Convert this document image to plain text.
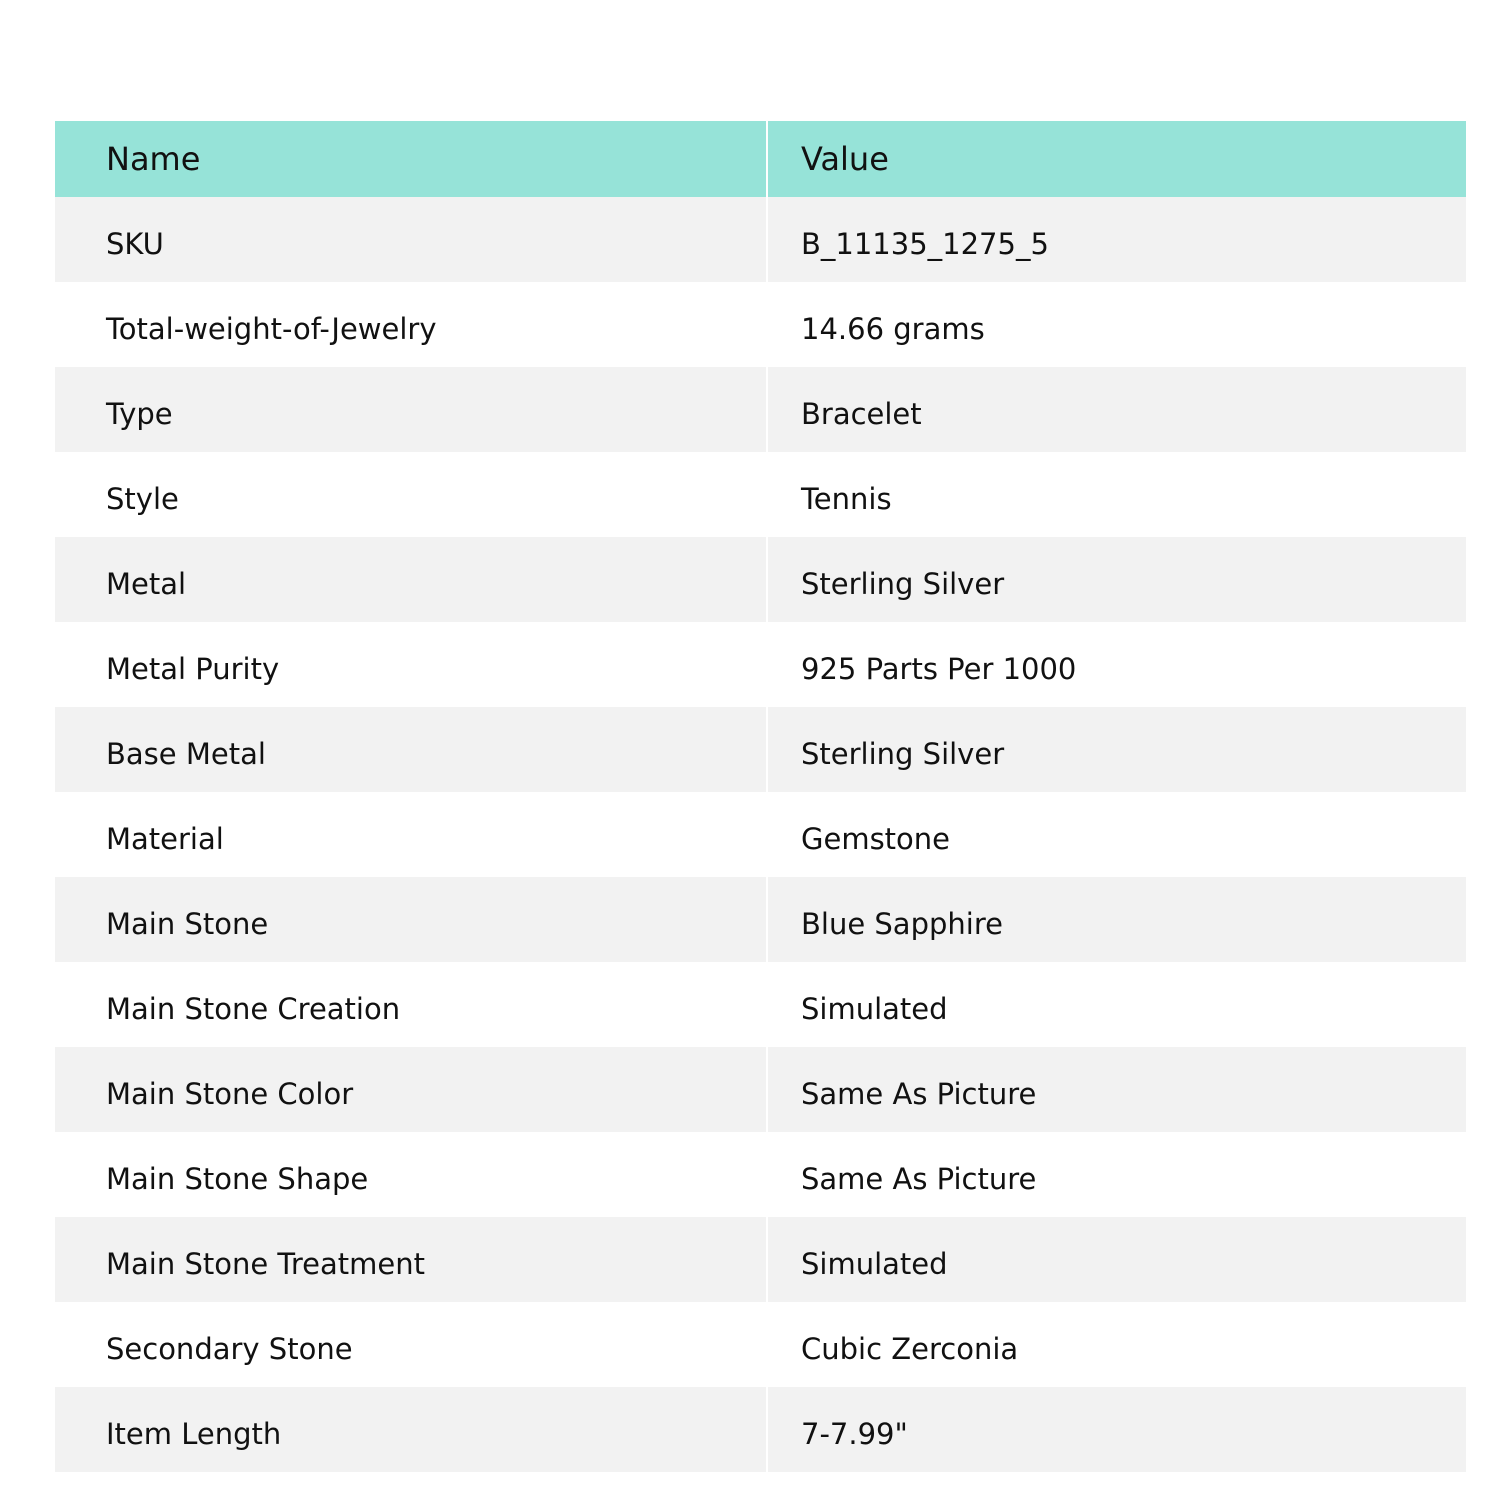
Name	Value
SKU	B_11135_1275_5
Total-weight-of-Jewelry	14.66 grams
Type	Bracelet
Style	Tennis
Metal	Sterling Silver
Metal Purity	925 Parts Per 1000
Base Metal	Sterling Silver
Material	Gemstone
Main Stone	Blue Sapphire
Main Stone Creation	Simulated
Main Stone Color	Same As Picture
Main Stone Shape	Same As Picture
Main Stone Treatment	Simulated
Secondary Stone	Cubic Zerconia
Item Length	7-7.99"
